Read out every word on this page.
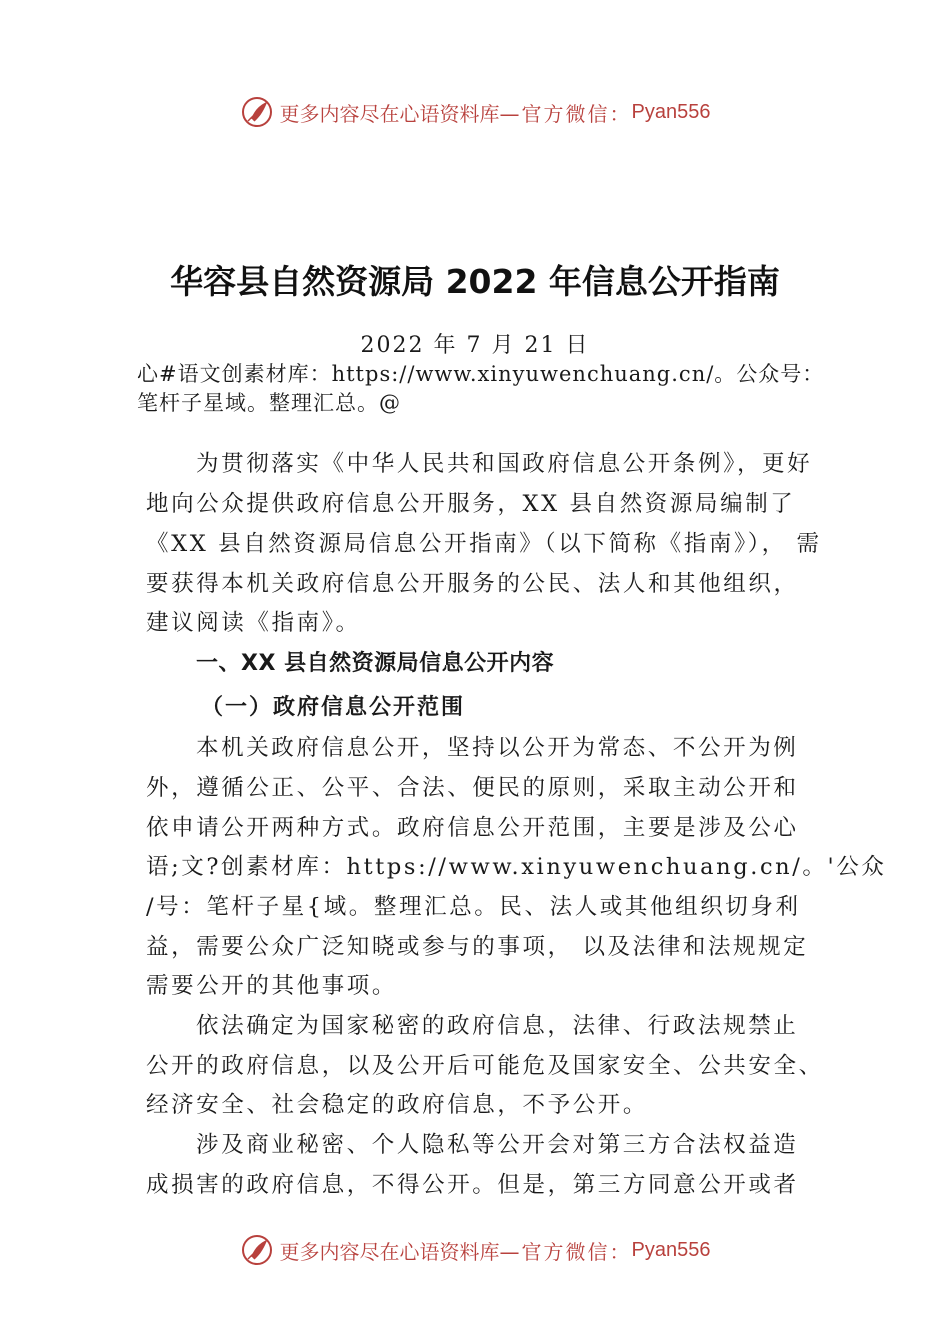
更多内容尽在心语资料库 —官方微信： Pyan556
华容县自然资源局 2022 年信息公开指南
2022 年 7 月 21 日
心#语文创素材库：https://www.xinyuwenchuang.cn/。公众号：
笔杆子星域。整理汇总。@
为贯彻落实《中华人民共和国政府信息公开条例》，更好
地向公众提供政府信息公开服务，XX 县自然资源局编制了
《XX 县自然资源局信息公开指南》（以下简称《指南》）， 需
要获得本机关政府信息公开服务的公民、法人和其他组织，
建议阅读《指南》。
一、XX 县自然资源局信息公开内容
（一）政府信息公开范围
本机关政府信息公开，坚持以公开为常态、不公开为例
外，遵循公正、公平、合法、便民的原则，采取主动公开和
依申请公开两种方式。政府信息公开范围，主要是涉及公心
语;文?创素材库：https://www.xinyuwenchuang.cn/。'公众
/号：笔杆子星{域。整理汇总。民、法人或其他组织切身利
益，需要公众广泛知晓或参与的事项， 以及法律和法规规定
需要公开的其他事项。
依法确定为国家秘密的政府信息，法律、行政法规禁止
公开的政府信息，以及公开后可能危及国家安全、公共安全、
经济安全、社会稳定的政府信息，不予公开。
涉及商业秘密、个人隐私等公开会对第三方合法权益造
成损害的政府信息，不得公开。但是，第三方同意公开或者
更多内容尽在心语资料库 —官方微信： Pyan556
